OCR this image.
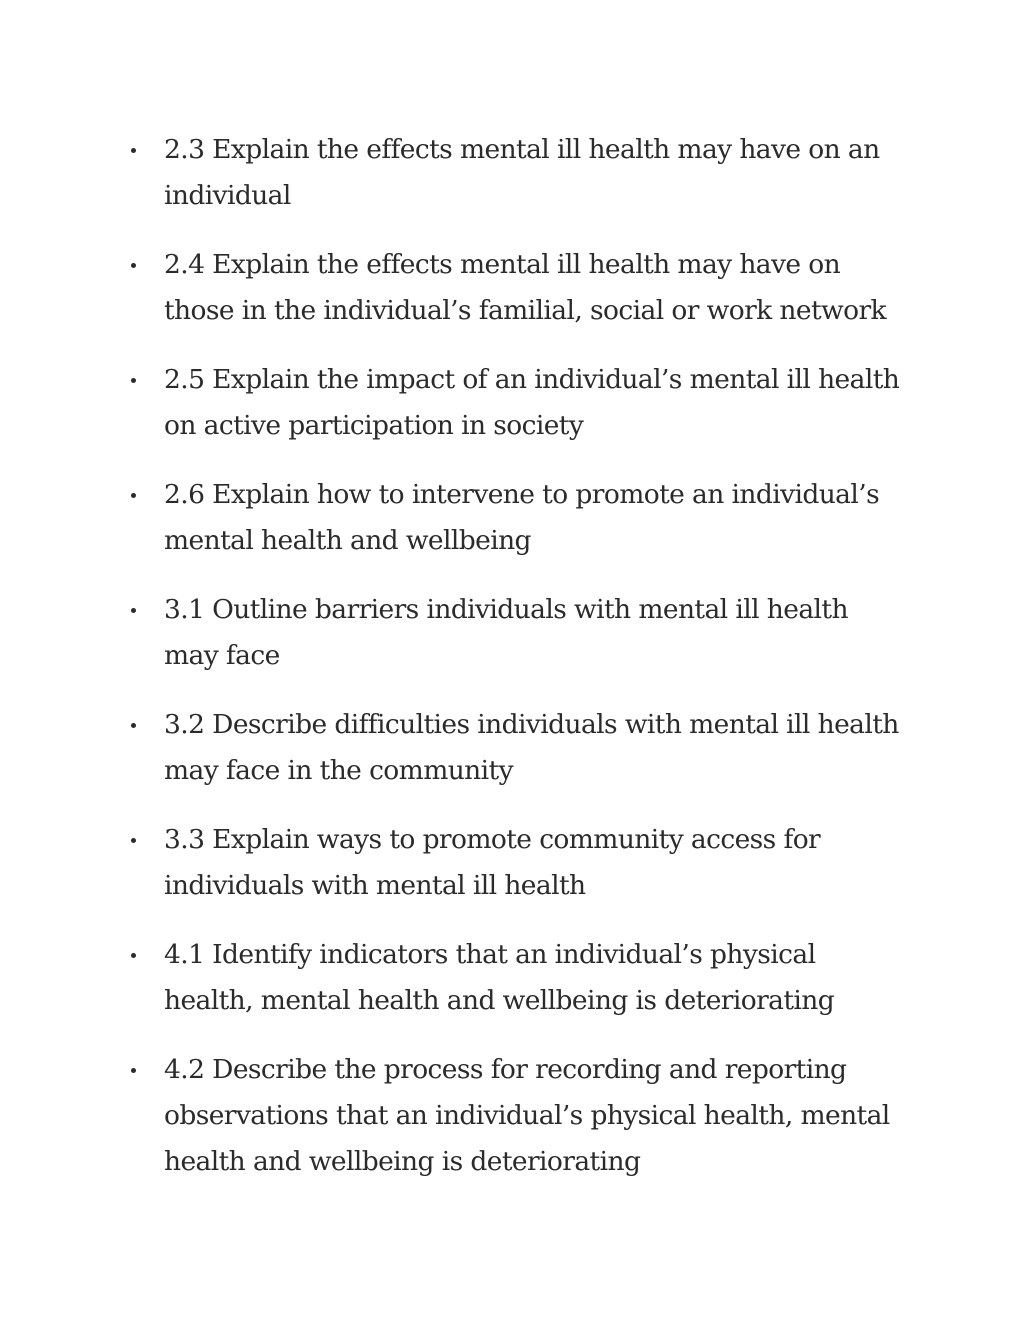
2.3 Explain the effects mental ill health may have on an individual
2.4 Explain the effects mental ill health may have on those in the individual’s familial, social or work network
2.5 Explain the impact of an individual’s mental ill health on active participation in society
2.6 Explain how to intervene to promote an individual’s mental health and wellbeing
3.1 Outline barriers individuals with mental ill health may face
3.2 Describe difficulties individuals with mental ill health may face in the community
3.3 Explain ways to promote community access for individuals with mental ill health
4.1 Identify indicators that an individual’s physical health, mental health and wellbeing is deteriorating
4.2 Describe the process for recording and reporting observations that an individual’s physical health, mental health and wellbeing is deteriorating
